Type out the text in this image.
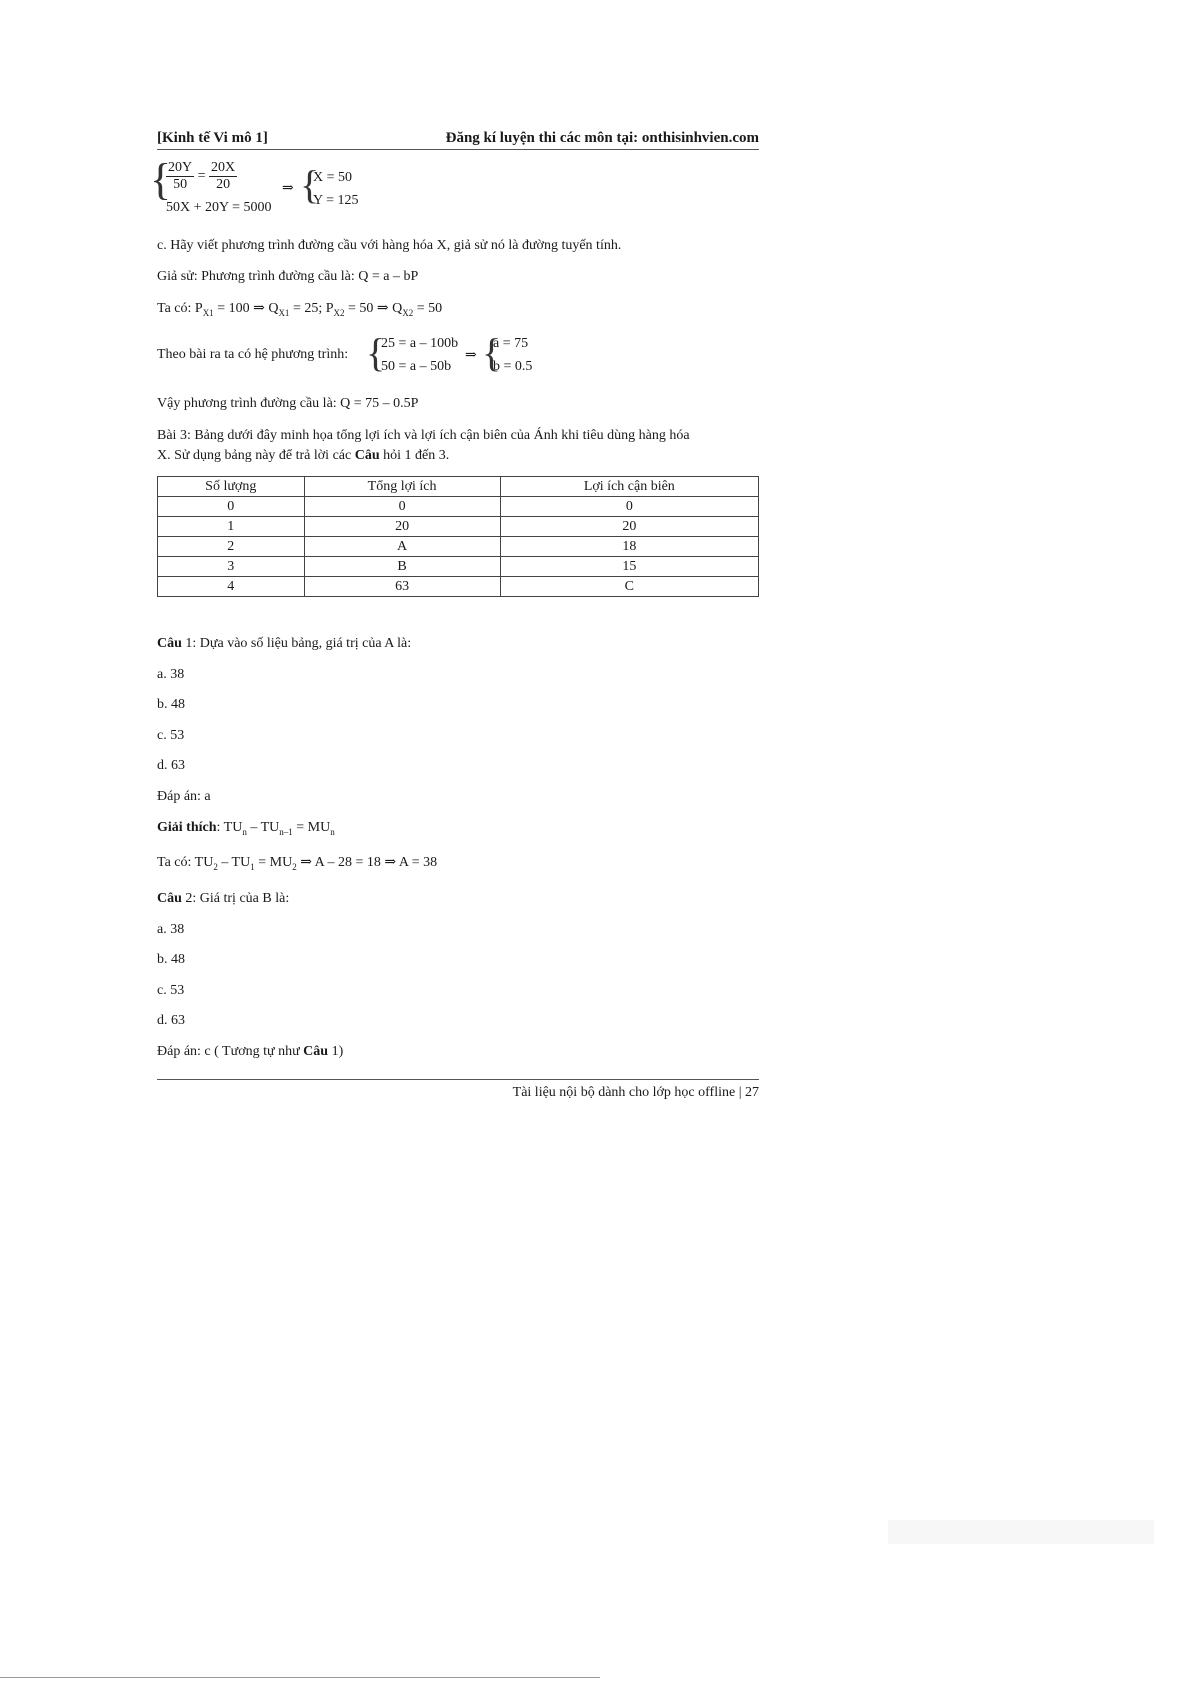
[Kinh tế Vi mô 1]	Đăng kí luyện thi các môn tại: onthisinhvien.com
{
$\frac{20Y}{50} = \frac{20X}{20}$
50X + 20Y = 5000
⇒ {
X = 50
Y = 125
c. Hãy viết phương trình đường cầu với hàng hóa X, giả sử nó là đường tuyến tính.
Giả sử: Phương trình đường cầu là: Q = a – bP
Ta có: $P_{X1} = 100$ ⇒ $Q_{X1} = 25$; $P_{X2} = 50$ ⇒ $Q_{X2} = 50$
Theo bài ra ta có hệ phương trình: {
25 = a – 100b
50 = a – 50b
⇒ {
a = 75
b = 0.5
Vậy phương trình đường cầu là: Q = 75 – 0.5P
Bài 3: Bảng dưới đây minh họa tổng lợi ích và lợi ích cận biên của Ánh khi tiêu dùng hàng hóa
X. Sử dụng bảng này để trả lời các Câu hỏi 1 đến 3.
Số lượng	Tổng lợi ích	Lợi ích cận biên
0	0	0
1	20	20
2	A	18
3	B	15
4	63	C
Câu 1: Dựa vào số liệu bảng, giá trị của A là:
a. 38
b. 48
c. 53
d. 63
Đáp án: a
Giải thích: $TU_n - TU_{n-1} = MU_n$
Ta có: $TU_2 - TU_1 = MU_2$ ⇒ A – 28 = 18 ⇒ A = 38
Câu 2: Giá trị của B là:
a. 38
b. 48
c. 53
d. 63
Đáp án: c ( Tương tự như Câu 1)
Tài liệu nội bộ dành cho lớp học offline | 27
